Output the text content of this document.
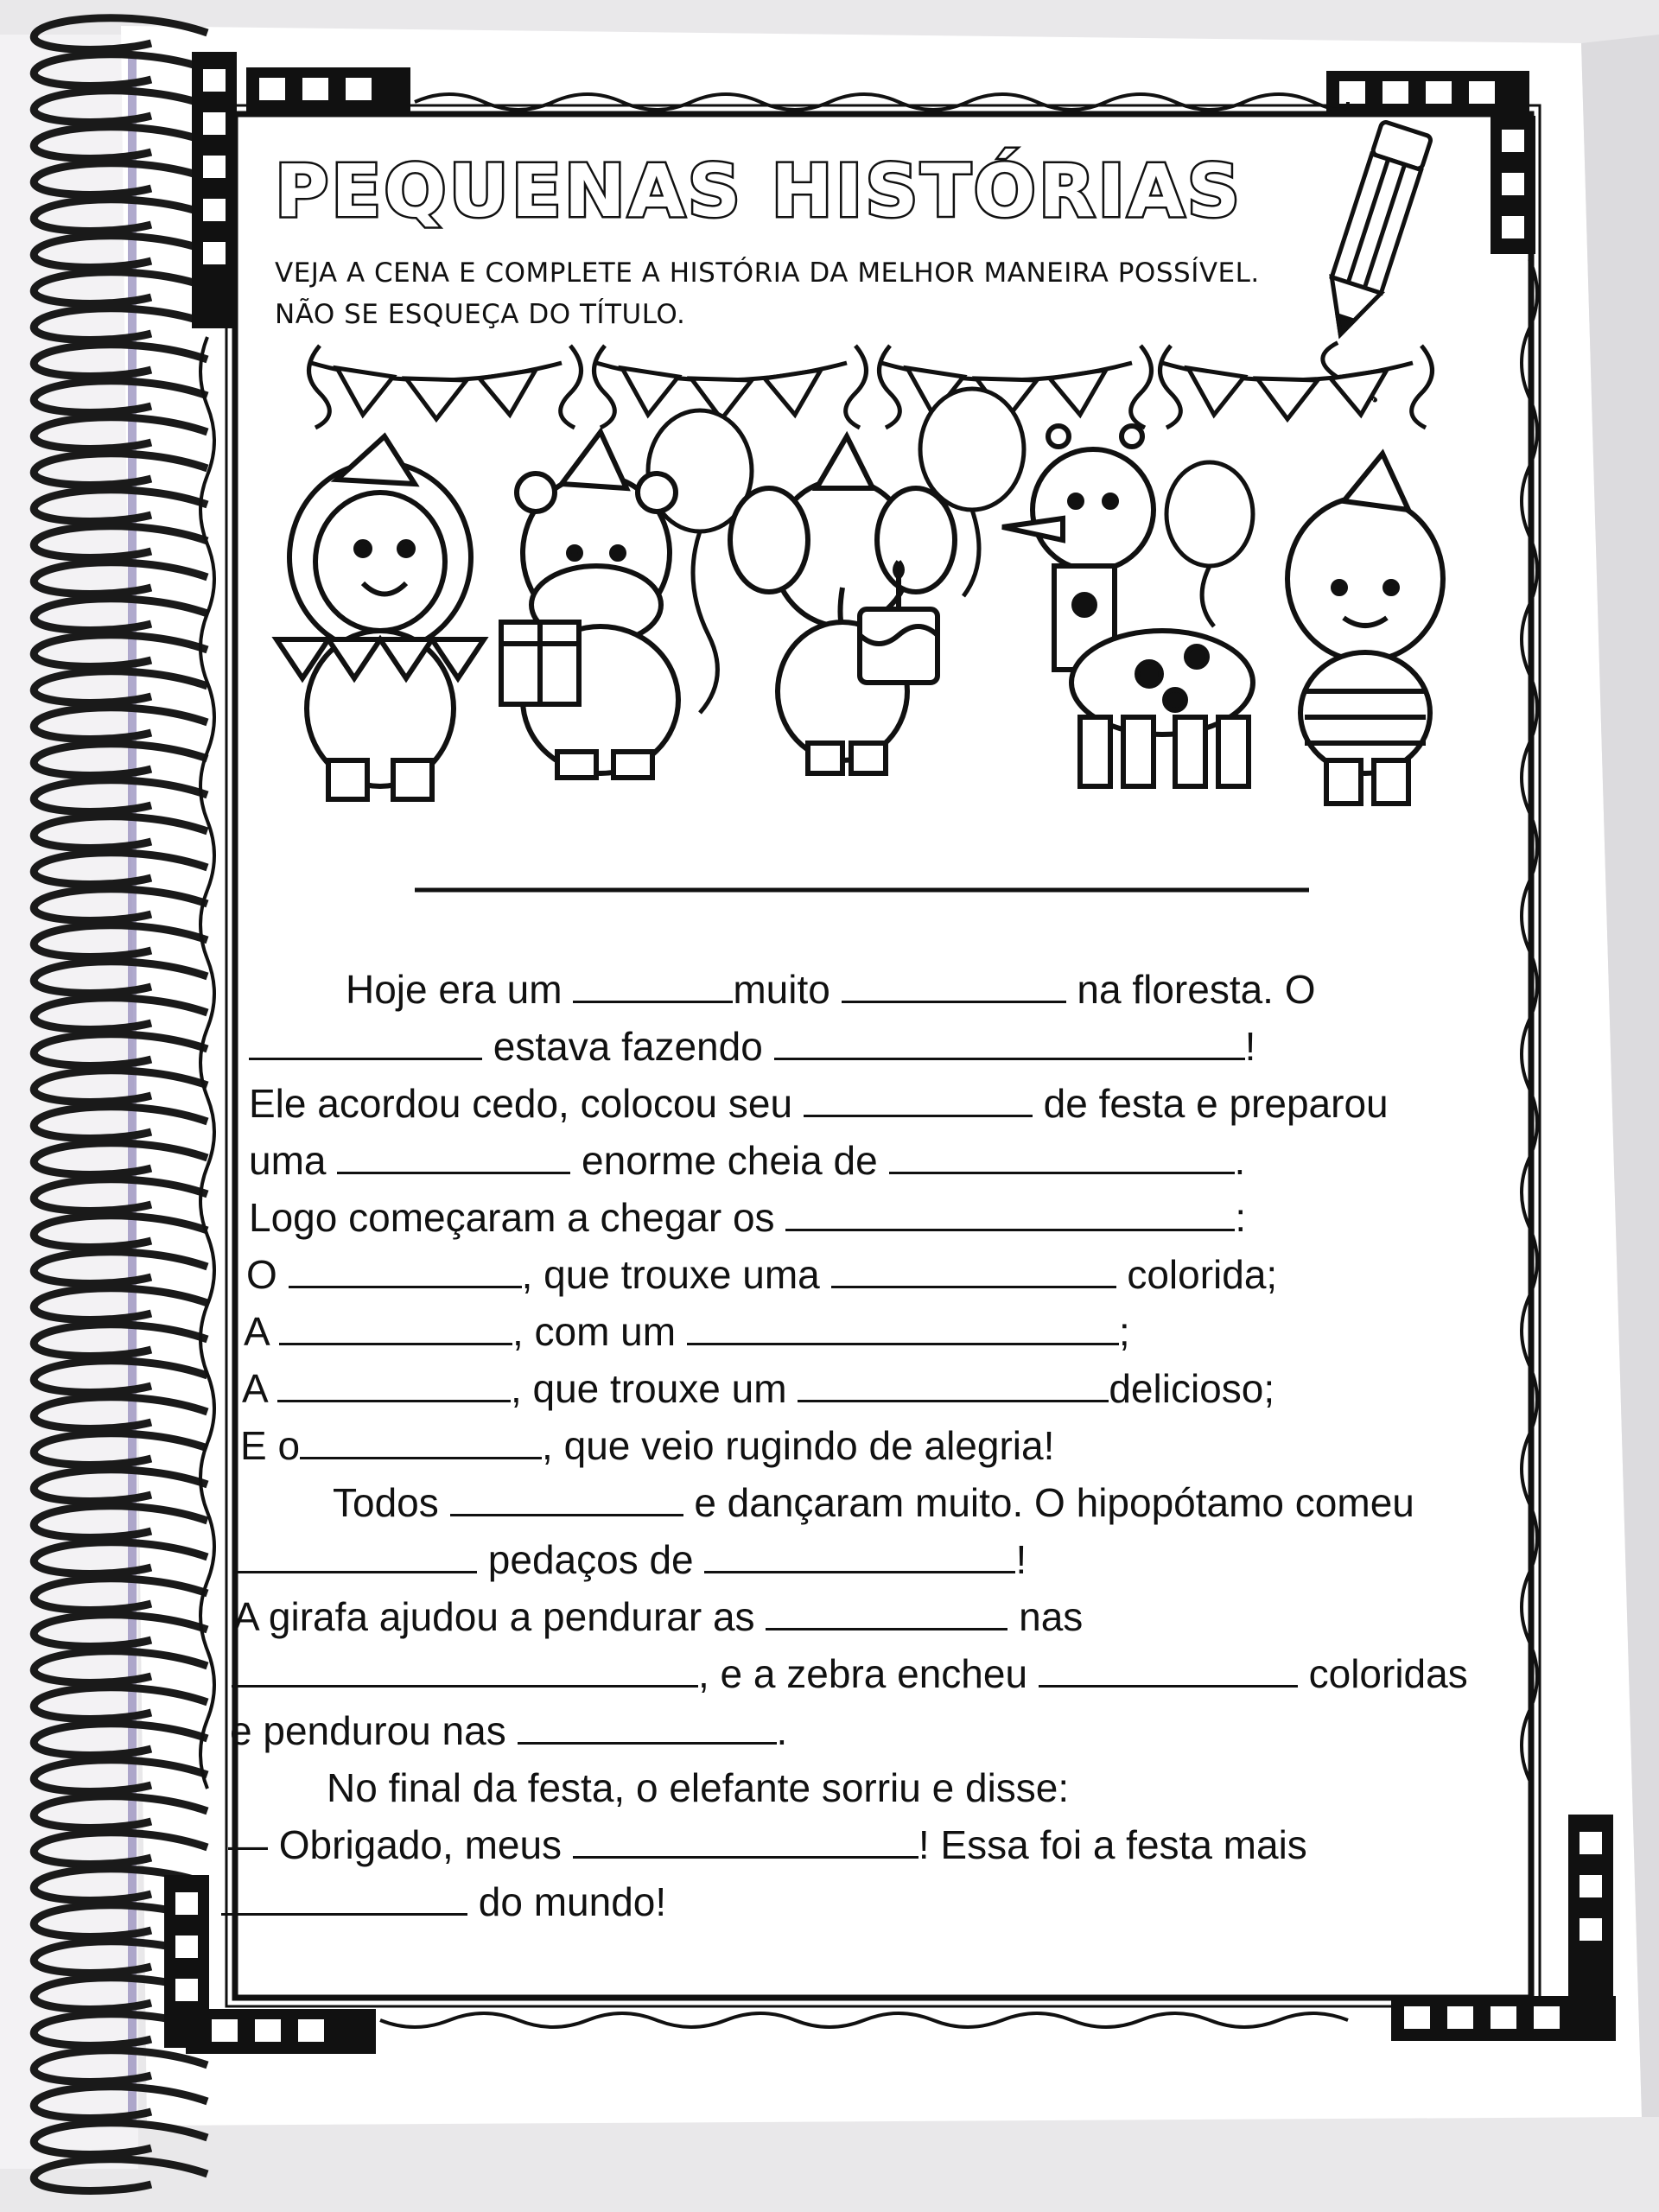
PEQUENAS HISTÓRIAS
VEJA A CENA E COMPLETE A HISTÓRIA DA MELHOR MANEIRA POSSÍVEL.
NÃO SE ESQUEÇA DO TÍTULO.
Hoje era um	muito	na floresta. O
estava fazendo	!
Ele acordou cedo, colocou seu	de festa e preparou
uma	enorme cheia de	.
Logo começaram a chegar os	:
O	, que trouxe uma	colorida;
A	, com um	;
A	, que trouxe um	delicioso;
E o	, que veio rugindo de alegria!
Todos	e dançaram muito. O hipopótamo comeu
pedaços de	!
A girafa ajudou a pendurar as	nas
, e a zebra encheu	coloridas
e pendurou nas	.
No final da festa, o elefante sorriu e disse:
— Obrigado, meus	! Essa foi a festa mais
do mundo!
